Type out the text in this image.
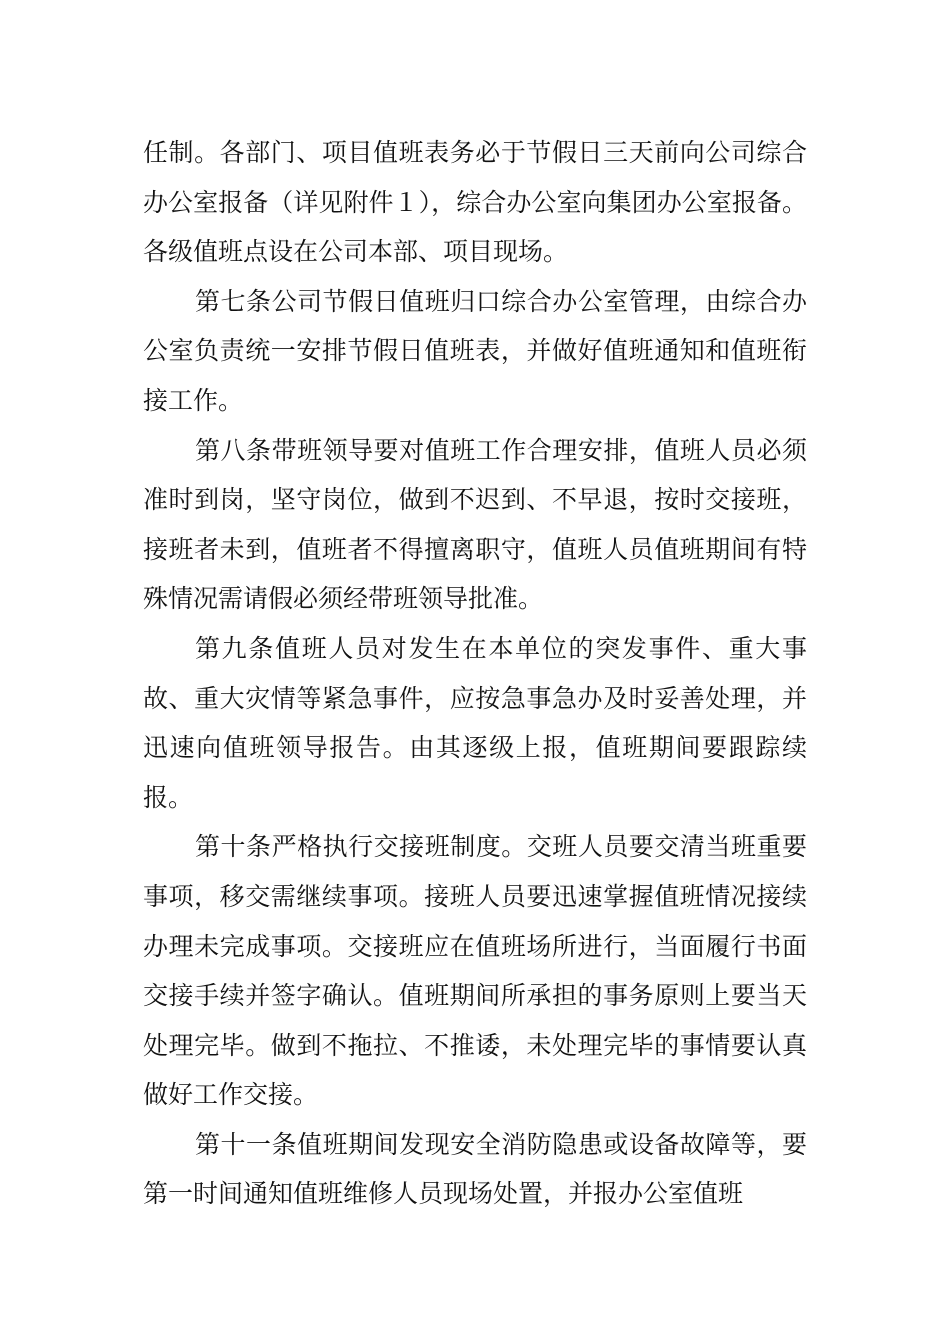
任制。各部门、项目值班表务必于节假日三天前向公司综合办公室报备（详见附件１），综合办公室向集团办公室报备。各级值班点设在公司本部、项目现场。

第七条公司节假日值班归口综合办公室管理，由综合办公室负责统一安排节假日值班表，并做好值班通知和值班衔接工作。

第八条带班领导要对值班工作合理安排，值班人员必须准时到岗，坚守岗位，做到不迟到、不早退，按时交接班，接班者未到，值班者不得擅离职守，值班人员值班期间有特殊情况需请假必须经带班领导批准。

第九条值班人员对发生在本单位的突发事件、重大事故、重大灾情等紧急事件，应按急事急办及时妥善处理，并迅速向值班领导报告。由其逐级上报，值班期间要跟踪续报。

第十条严格执行交接班制度。交班人员要交清当班重要事项，移交需继续事项。接班人员要迅速掌握值班情况接续办理未完成事项。交接班应在值班场所进行，当面履行书面交接手续并签字确认。值班期间所承担的事务原则上要当天处理完毕。做到不拖拉、不推诿，未处理完毕的事情要认真做好工作交接。

第十一条值班期间发现安全消防隐患或设备故障等，要第一时间通知值班维修人员现场处置，并报办公室值班
